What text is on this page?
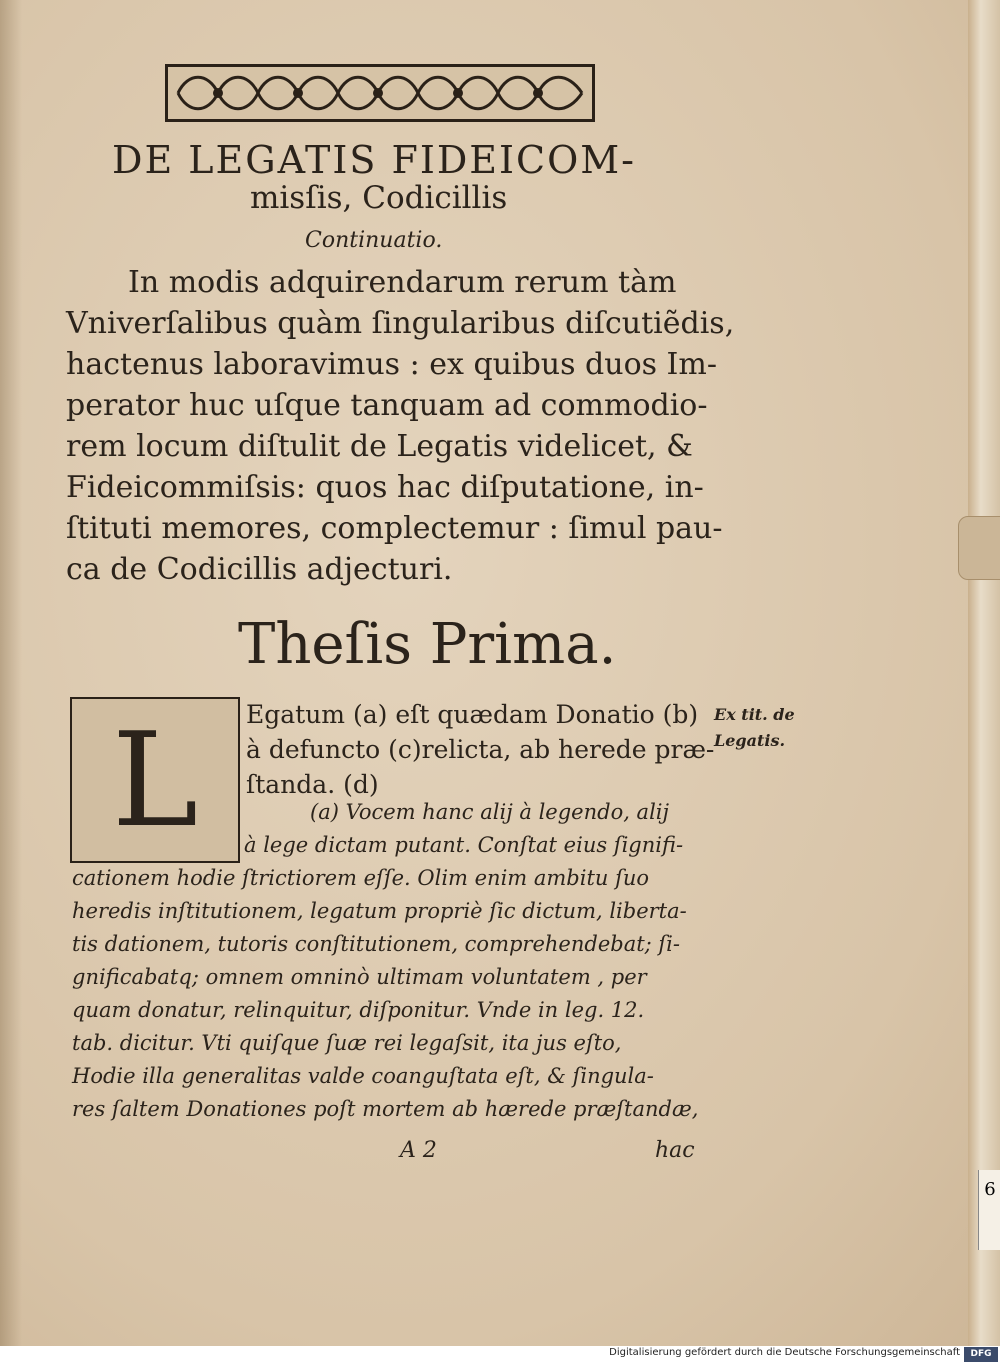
DE LEGATIS FIDEICOM-
misſis, Codicillis
Continuatio.
In modis adquirendarum rerum tàm
Vniverſalibus quàm ſingularibus diſcutiẽdis,
hactenus laboravimus : ex quibus duos Im-
perator huc uſque tanquam ad commodio-
rem locum diſtulit de Legatis videlicet, &
Fideicommiſsis: quos hac diſputatione, in-
ſtituti memores, complectemur : ſimul pau-
ca de Codicillis adjecturi.
Theſis Prima.
L	Egatum (a) eſt quædam Donatio (b)
à defuncto (c)relicta, ab herede præ-
ſtanda. (d)
Ex tit. de
Legatis.
(a) Vocem hanc alij à legendo, alij
à lege dictam putant. Conſtat eius ſignifi-
cationem hodie ſtrictiorem eſſe. Olim enim ambitu ſuo
heredis inſtitutionem, legatum propriè ſic dictum, liberta-
tis dationem, tutoris conſtitutionem, comprehendebat; ſi-
gnificabatq; omnem omninò ultimam voluntatem , per
quam donatur, relinquitur, diſponitur. Vnde in leg. 12.
tab. dicitur. Vti quiſque ſuæ rei legaſsit, ita jus eſto,
Hodie illa generalitas valde coanguſtata eſt, & ſingula-
res ſaltem Donationes poſt mortem ab hærede præſtandæ,
A 2	hac
6
Digitalisierung gefördert durch die Deutsche Forschungsgemeinschaft	DFG
